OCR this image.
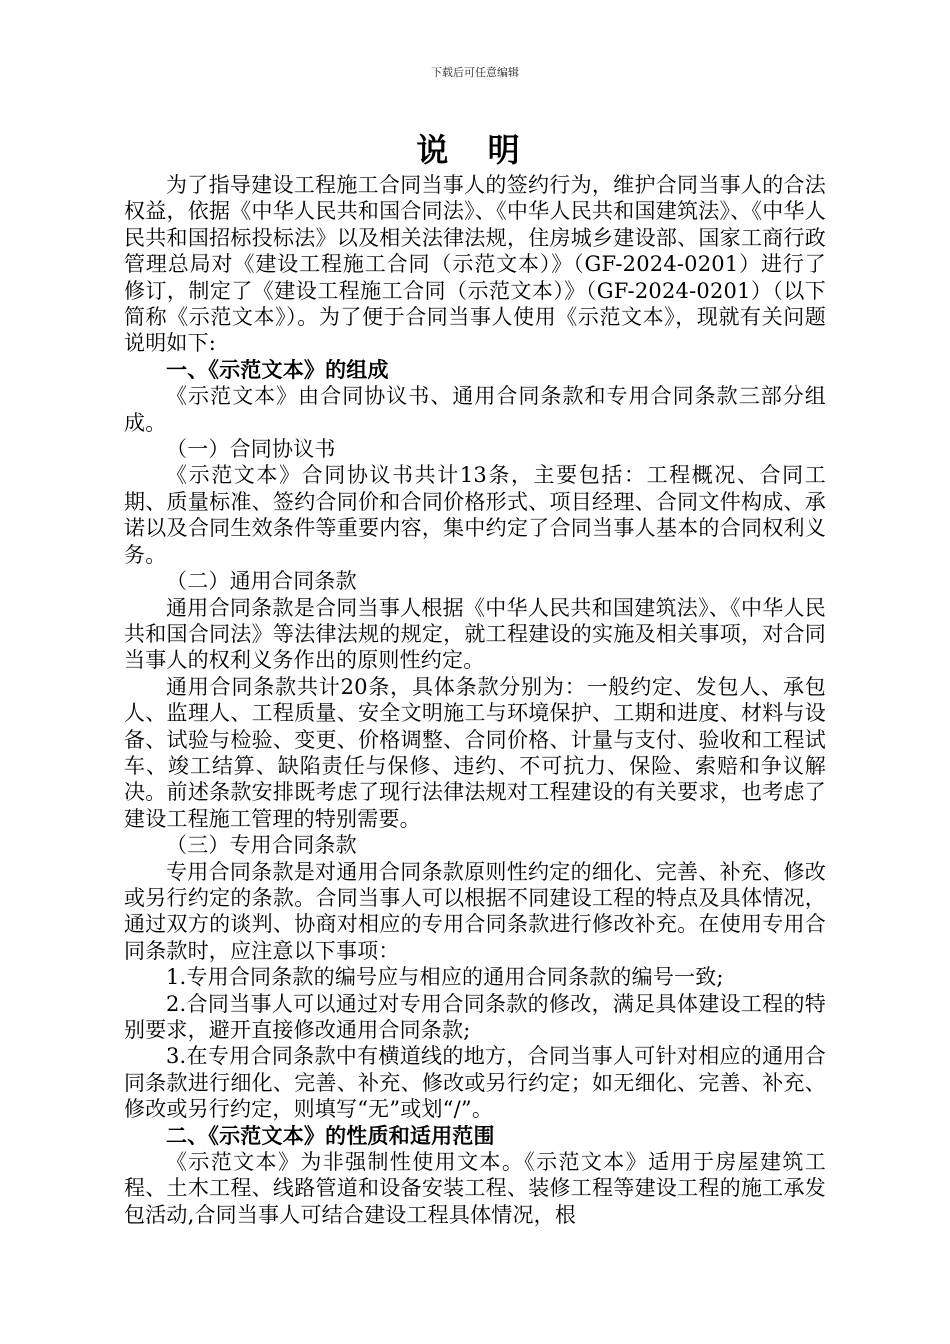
下载后可任意编辑
说 明

为了指导建设工程施工合同当事人的签约行为，维护合同当事人的合法权益，依据《中华人民共和国合同法》、《中华人民共和国建筑法》、《中华人民共和国招标投标法》以及相关法律法规，住房城乡建设部、国家工商行政管理总局对《建设工程施工合同（示范文本）》（GF-2024-0201）进行了修订，制定了《建设工程施工合同（示范文本）》（GF-2024-0201）（以下简称《示范文本》）。为了便于合同当事人使用《示范文本》，现就有关问题说明如下:

一、《示范文本》的组成

《示范文本》由合同协议书、通用合同条款和专用合同条款三部分组成。

（一）合同协议书

《示范文本》合同协议书共计13条，主要包括：工程概况、合同工期、质量标准、签约合同价和合同价格形式、项目经理、合同文件构成、承诺以及合同生效条件等重要内容，集中约定了合同当事人基本的合同权利义务。

（二）通用合同条款

通用合同条款是合同当事人根据《中华人民共和国建筑法》、《中华人民共和国合同法》等法律法规的规定，就工程建设的实施及相关事项，对合同当事人的权利义务作出的原则性约定。

通用合同条款共计20条，具体条款分别为：一般约定、发包人、承包人、监理人、工程质量、安全文明施工与环境保护、工期和进度、材料与设备、试验与检验、变更、价格调整、合同价格、计量与支付、验收和工程试车、竣工结算、缺陷责任与保修、违约、不可抗力、保险、索赔和争议解决。前述条款安排既考虑了现行法律法规对工程建设的有关要求，也考虑了建设工程施工管理的特别需要。

（三）专用合同条款

专用合同条款是对通用合同条款原则性约定的细化、完善、补充、修改或另行约定的条款。合同当事人可以根据不同建设工程的特点及具体情况，通过双方的谈判、协商对相应的专用合同条款进行修改补充。在使用专用合同条款时，应注意以下事项：

1.专用合同条款的编号应与相应的通用合同条款的编号一致;

2.合同当事人可以通过对专用合同条款的修改，满足具体建设工程的特别要求，避开直接修改通用合同条款;

3.在专用合同条款中有横道线的地方，合同当事人可针对相应的通用合同条款进行细化、完善、补充、修改或另行约定；如无细化、完善、补充、修改或另行约定，则填写“无”或划“/”。

二、《示范文本》的性质和适用范围

《示范文本》为非强制性使用文本。《示范文本》适用于房屋建筑工程、土木工程、线路管道和设备安装工程、装修工程等建设工程的施工承发包活动,合同当事人可结合建设工程具体情况，根
